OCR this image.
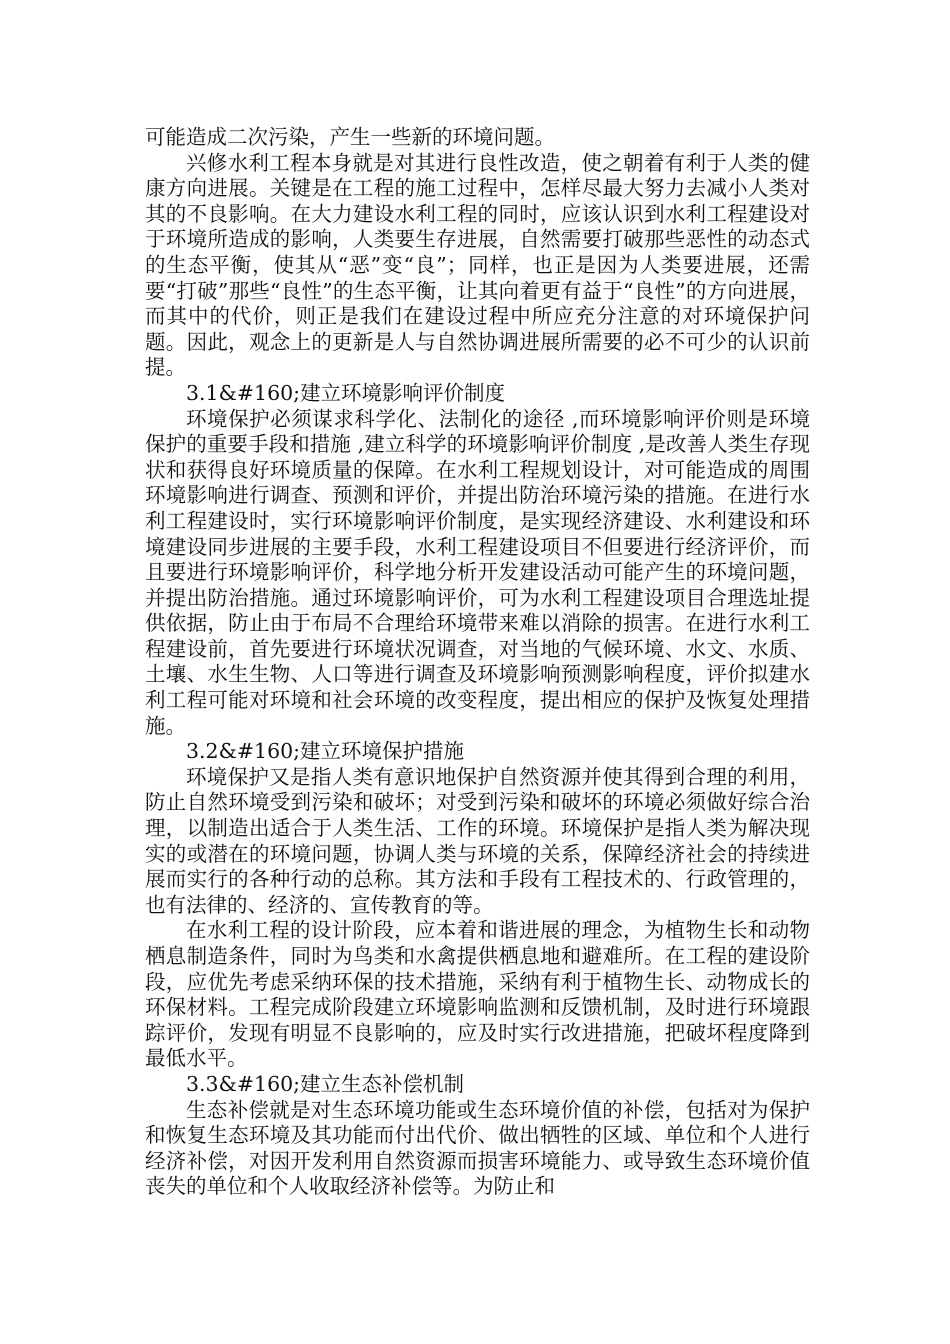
可能造成二次污染，产生一些新的环境问题。

兴修水利工程本身就是对其进行良性改造，使之朝着有利于人类的健康方向进展。关键是在工程的施工过程中，怎样尽最大努力去减小人类对其的不良影响。在大力建设水利工程的同时，应该认识到水利工程建设对于环境所造成的影响，人类要生存进展，自然需要打破那些恶性的动态式的生态平衡，使其从“恶”变“良”；同样，也正是因为人类要进展，还需要“打破”那些“良性”的生态平衡，让其向着更有益于“良性”的方向进展，而其中的代价，则正是我们在建设过程中所应充分注意的对环境保护问题。因此，观念上的更新是人与自然协调进展所需要的必不可少的认识前提。

3.1&#160;建立环境影响评价制度

环境保护必须谋求科学化、法制化的途径 ,而环境影响评价则是环境保护的重要手段和措施 ,建立科学的环境影响评价制度 ,是改善人类生存现状和获得良好环境质量的保障。在水利工程规划设计，对可能造成的周围环境影响进行调查、预测和评价，并提出防治环境污染的措施。在进行水利工程建设时，实行环境影响评价制度，是实现经济建设、水利建设和环境建设同步进展的主要手段，水利工程建设项目不但要进行经济评价，而且要进行环境影响评价，科学地分析开发建设活动可能产生的环境问题，并提出防治措施。通过环境影响评价，可为水利工程建设项目合理选址提供依据，防止由于布局不合理给环境带来难以消除的损害。在进行水利工程建设前，首先要进行环境状况调查，对当地的气候环境、水文、水质、土壤、水生生物、人口等进行调查及环境影响预测影响程度，评价拟建水利工程可能对环境和社会环境的改变程度，提出相应的保护及恢复处理措施。

3.2&#160;建立环境保护措施

环境保护又是指人类有意识地保护自然资源并使其得到合理的利用，防止自然环境受到污染和破坏；对受到污染和破坏的环境必须做好综合治理，以制造出适合于人类生活、工作的环境。环境保护是指人类为解决现实的或潜在的环境问题，协调人类与环境的关系，保障经济社会的持续进展而实行的各种行动的总称。其方法和手段有工程技术的、行政管理的，也有法律的、经济的、宣传教育的等。

在水利工程的设计阶段，应本着和谐进展的理念，为植物生长和动物栖息制造条件，同时为鸟类和水禽提供栖息地和避难所。在工程的建设阶段，应优先考虑采纳环保的技术措施，采纳有利于植物生长、动物成长的环保材料。工程完成阶段建立环境影响监测和反馈机制，及时进行环境跟踪评价，发现有明显不良影响的，应及时实行改进措施，把破坏程度降到最低水平。

3.3&#160;建立生态补偿机制

生态补偿就是对生态环境功能或生态环境价值的补偿，包括对为保护和恢复生态环境及其功能而付出代价、做出牺牲的区域、单位和个人进行经济补偿，对因开发利用自然资源而损害环境能力、或导致生态环境价值丧失的单位和个人收取经济补偿等。为防止和
